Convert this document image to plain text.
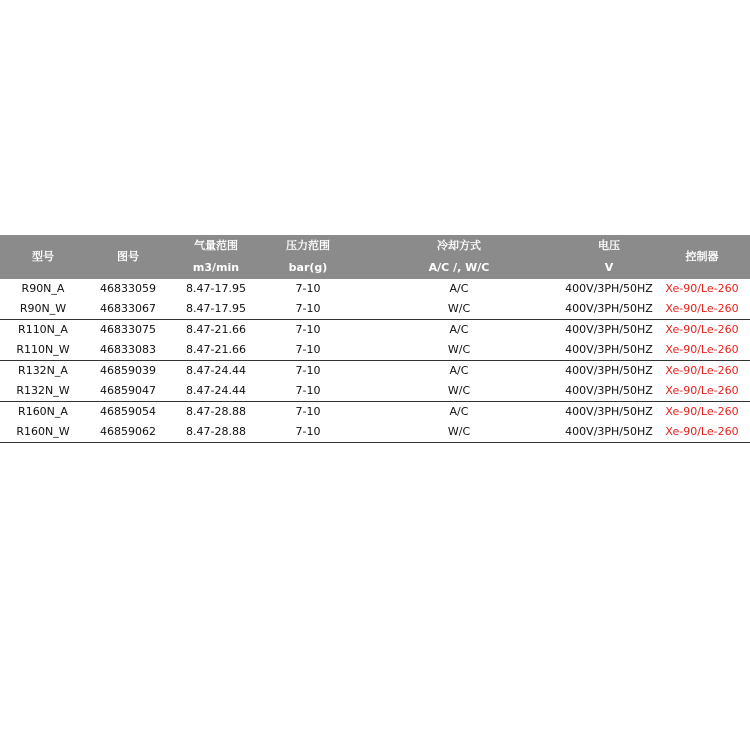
型号	图号	气量范围	压力范围	冷却方式	电压	控制器
		m3/min	bar(g)	A/C /, W/C	V	
R90N_A	46833059	8.47-17.95	7-10	A/C	400V/3PH/50HZ	Xe-90/Le-260
R90N_W	46833067	8.47-17.95	7-10	W/C	400V/3PH/50HZ	Xe-90/Le-260
R110N_A	46833075	8.47-21.66	7-10	A/C	400V/3PH/50HZ	Xe-90/Le-260
R110N_W	46833083	8.47-21.66	7-10	W/C	400V/3PH/50HZ	Xe-90/Le-260
R132N_A	46859039	8.47-24.44	7-10	A/C	400V/3PH/50HZ	Xe-90/Le-260
R132N_W	46859047	8.47-24.44	7-10	W/C	400V/3PH/50HZ	Xe-90/Le-260
R160N_A	46859054	8.47-28.88	7-10	A/C	400V/3PH/50HZ	Xe-90/Le-260
R160N_W	46859062	8.47-28.88	7-10	W/C	400V/3PH/50HZ	Xe-90/Le-260
